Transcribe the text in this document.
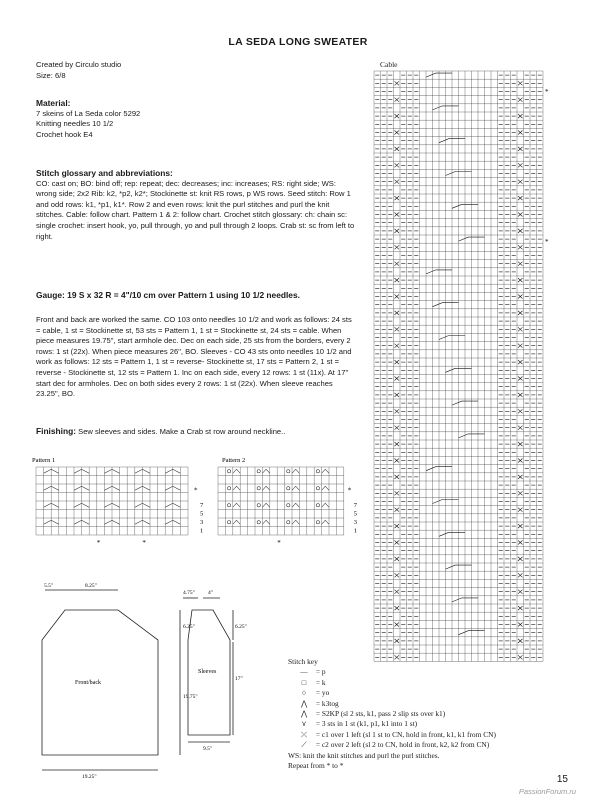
LA SEDA LONG SWEATER

Created by Circulo studio

Size: 6/8

Material:

7 skeins of La Seda color 5292

Knitting needles 10 1/2

Crochet hook E4

Stitch glossary and abbreviations:

CO: cast on; BO: bind off; rep: repeat; dec: decreases; inc: increases; RS: right side; WS: wrong side; 2x2 Rib: k2, *p2, k2*; Stockinette st: knit RS rows, p WS rows. Seed stitch: Row 1 and odd rows: k1, *p1, k1*. Row 2 and even rows: knit the purl stitches and purl the knit stitches. Cable: follow chart. Pattern 1 & 2: follow chart. Crochet stitch glossary: ch: chain sc: single crochet: insert hook, yo, pull through, yo and pull through 2 loops. Crab st: sc from left to right.

Gauge: 19 S x 32 R = 4"/10 cm over Pattern 1 using 10 1/2 needles.

Front and back are worked the same. CO 103 onto needles 10 1/2 and work as follows: 24 sts = cable, 1 st = Stockinette st, 53 sts = Pattern 1, 1 st = Stockinette st, 24 sts = cable. When piece measures 19.75", start armhole dec. Dec on each side, 25 sts from the borders, every 2 rows: 1 st (22x). When piece measures 26", BO. Sleeves - CO 43 sts onto needles 10 1/2 and work as follows: 12 sts = Pattern 1, 1 st = reverse- Stockinette st, 17 sts = Pattern 2, 1 st = reverse - Stockinette st, 12 sts = Pattern 1. Inc on each side, every 12 rows: 1 st (11x). At 17" start dec for armholes. Dec on both sides every 2 rows: 1 st (22x). When sleeve reaches 23.25", BO.

Finishing: Sew sleeves and sides. Make a Crab st row around neckline..

Cable
*
*
Pattern 1
7
5
3
1
*
*	*
Pattern 2
7
5
3
1
*
*
5.5"	8.25"
6.25"
19.75"
19.25"
Front/back
4.75" 4"
6.25"
17"
9.5"
Sleeves
Stitch key
— = p
□ = k
○ = yo
⋀ = k3tog
⋀ = S2KP (sl 2 sts, k1, pass 2 slip sts over k1)
⋎ = 3 sts in 1 st (k1, p1, k1 into 1 st)
⤫ = c1 over 1 left (sl 1 st to CN, hold in front, k1, k1 from CN)
⟋ = c2 over 2 left (sl 2 to CN, hold in front, k2, k2 from CN)
WS: knit the knit stitches and purl the purl stitches.
Repeat from * to *
15
PassionForum.ru
